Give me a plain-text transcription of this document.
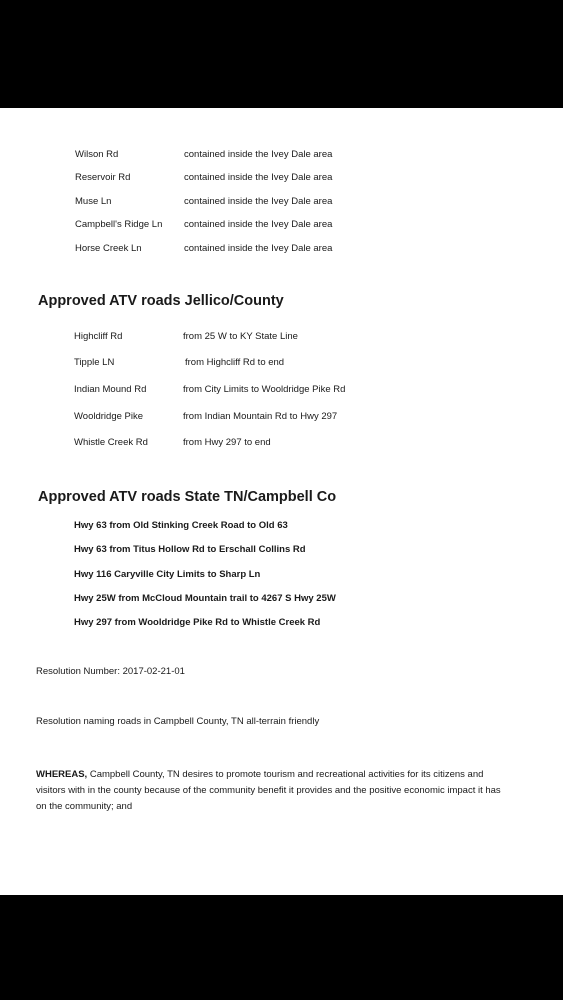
Wilson Rd	contained inside the Ivey Dale area
Reservoir Rd	contained inside the Ivey Dale area
Muse Ln	contained inside the Ivey Dale area
Campbell's Ridge Ln contained inside the Ivey Dale area
Horse Creek Ln	contained inside the Ivey Dale area
Approved ATV roads Jellico/County
Highcliff Rd	from 25 W to KY State Line
Tipple LN	from Highcliff Rd to end
Indian Mound Rd	from City Limits to Wooldridge Pike Rd
Wooldridge Pike	from Indian Mountain Rd to Hwy 297
Whistle Creek Rd	from Hwy 297 to end
Approved ATV roads State TN/Campbell Co
Hwy 63 from Old Stinking Creek Road to Old 63
Hwy 63 from Titus Hollow Rd to Erschall Collins Rd
Hwy 116 Caryville City Limits to Sharp Ln
Hwy 25W from McCloud Mountain trail to 4267 S Hwy 25W
Hwy 297 from Wooldridge Pike Rd to Whistle Creek Rd
Resolution Number: 2017-02-21-01
Resolution naming roads in Campbell County, TN all-terrain friendly
WHEREAS, Campbell County, TN desires to promote tourism and recreational activities for its citizens and
visitors with in the county because of the community benefit it provides and the positive economic impact it has
on the community; and
